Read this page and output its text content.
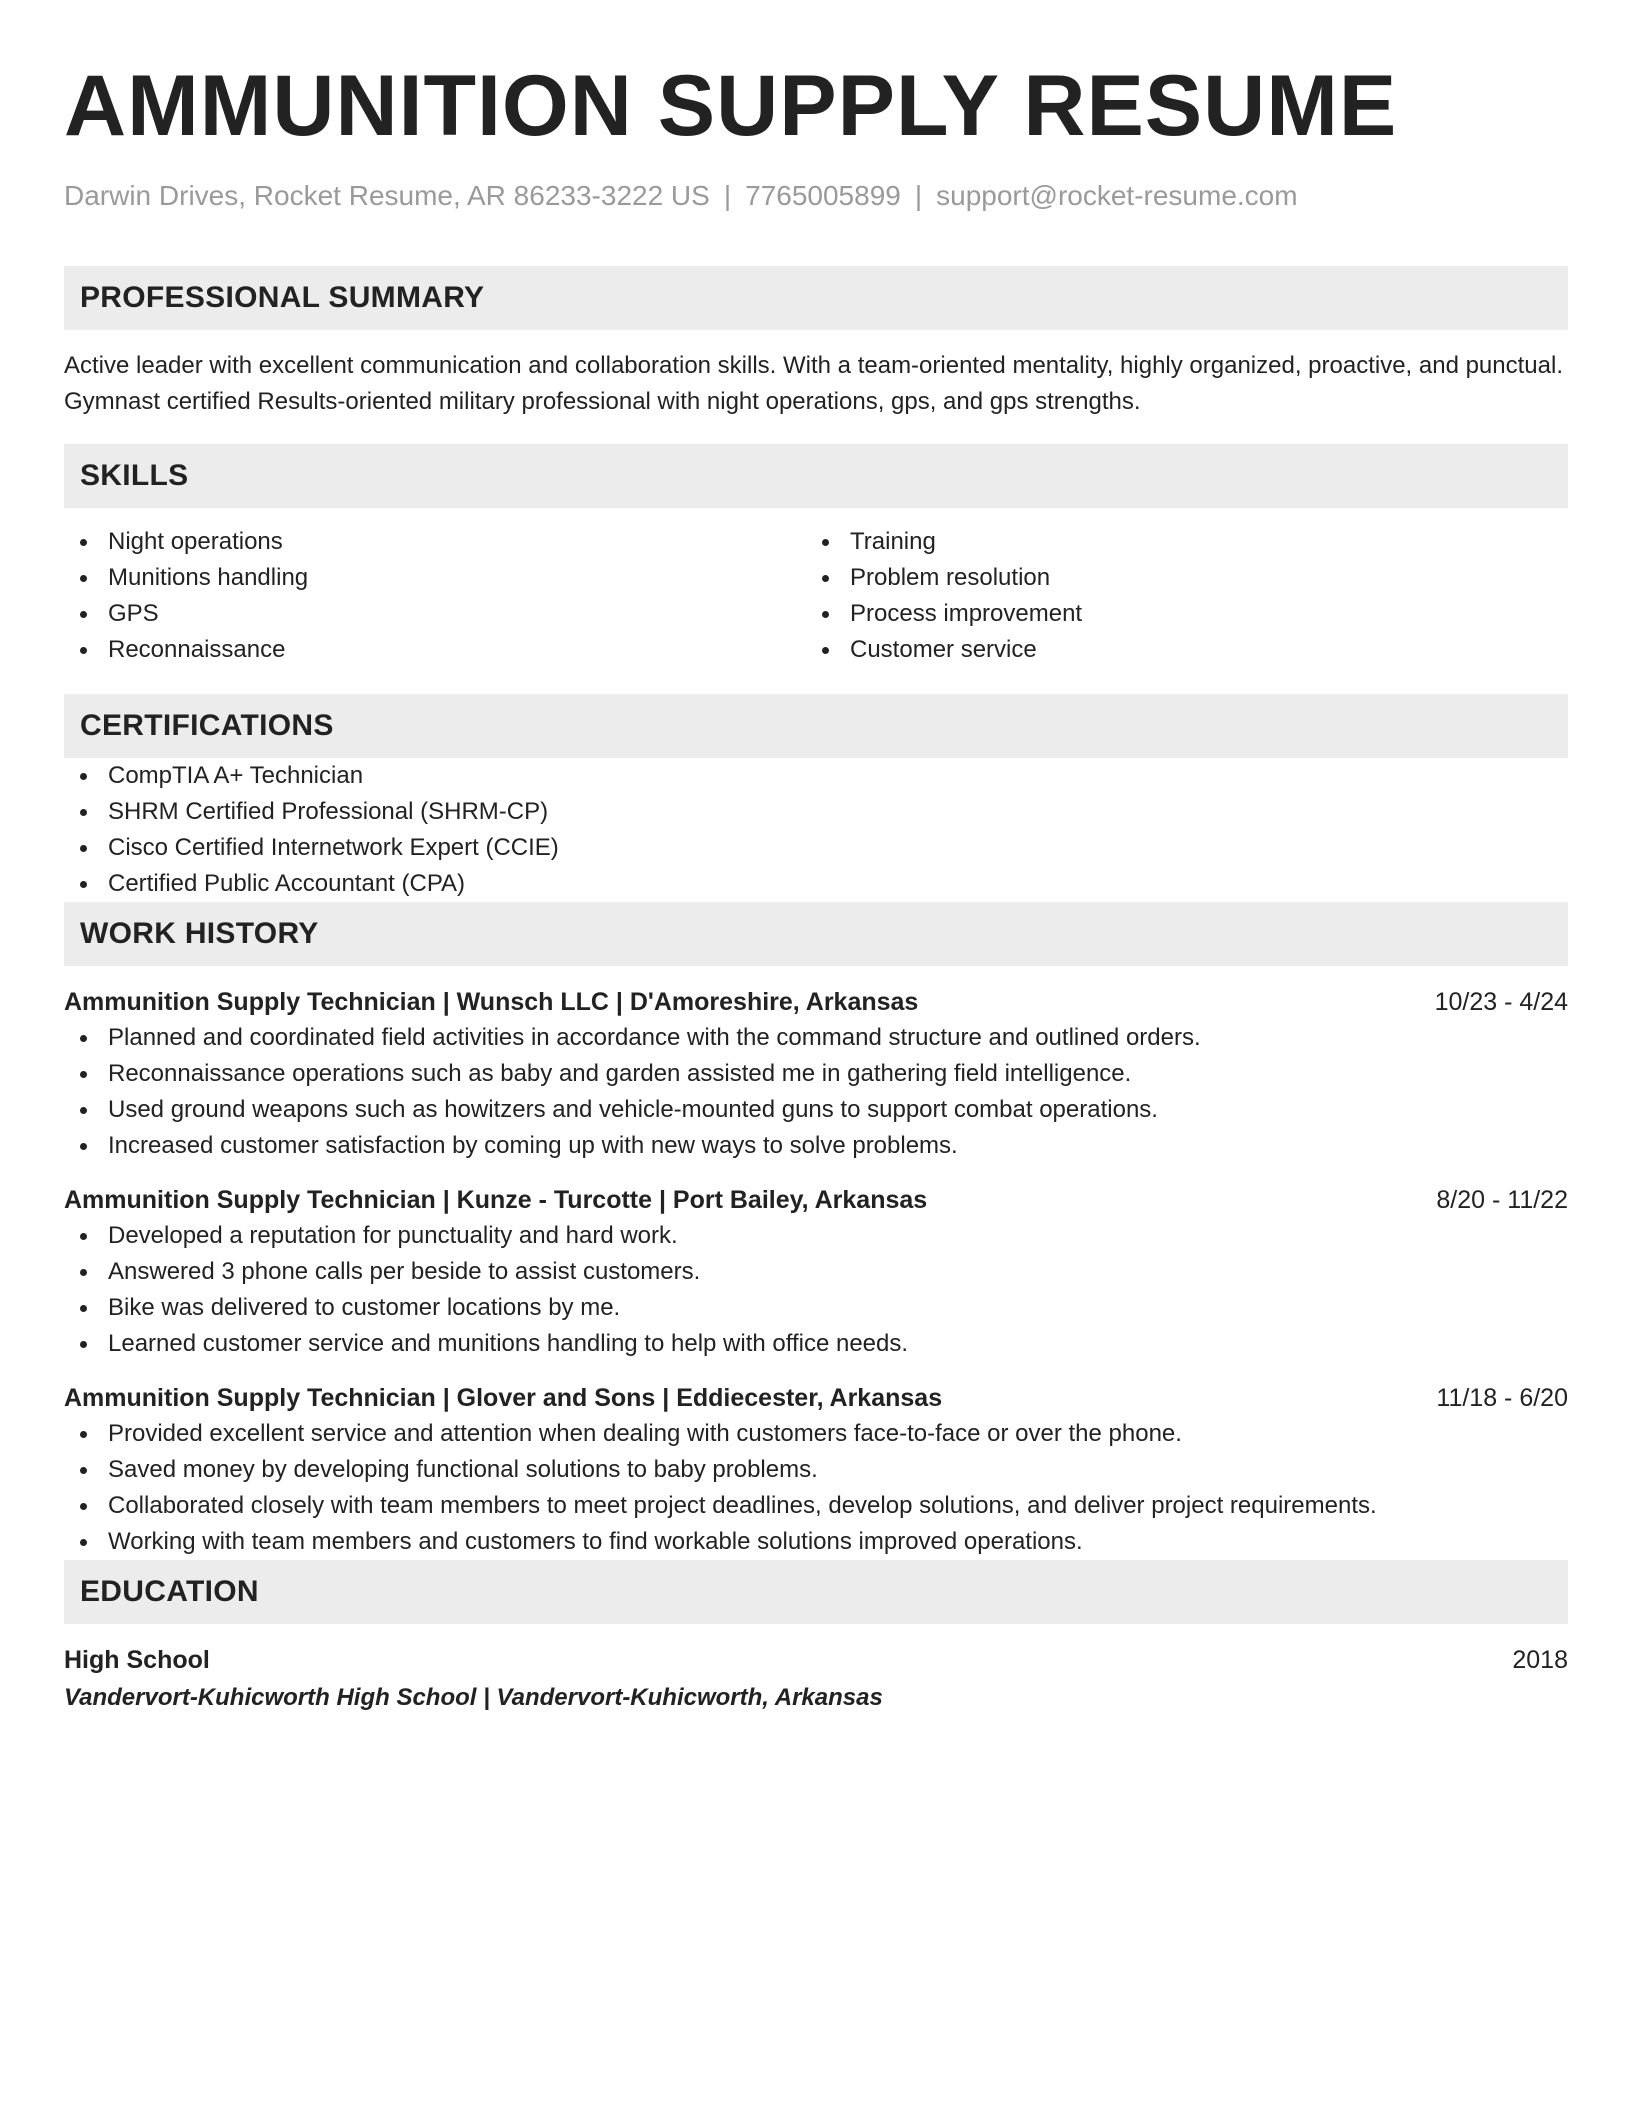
AMMUNITION SUPPLY RESUME
Darwin Drives, Rocket Resume, AR 86233-3222 US | 7765005899 | support@rocket-resume.com
PROFESSIONAL SUMMARY
Active leader with excellent communication and collaboration skills. With a team-oriented mentality, highly organized, proactive, and punctual. Gymnast certified Results-oriented military professional with night operations, gps, and gps strengths.
SKILLS
Night operations
Munitions handling
GPS
Reconnaissance
Training
Problem resolution
Process improvement
Customer service
CERTIFICATIONS
CompTIA A+ Technician
SHRM Certified Professional (SHRM-CP)
Cisco Certified Internetwork Expert (CCIE)
Certified Public Accountant (CPA)
WORK HISTORY
Ammunition Supply Technician | Wunsch LLC | D'Amoreshire, Arkansas	10/23 - 4/24
Planned and coordinated field activities in accordance with the command structure and outlined orders.
Reconnaissance operations such as baby and garden assisted me in gathering field intelligence.
Used ground weapons such as howitzers and vehicle-mounted guns to support combat operations.
Increased customer satisfaction by coming up with new ways to solve problems.
Ammunition Supply Technician | Kunze - Turcotte | Port Bailey, Arkansas	8/20 - 11/22
Developed a reputation for punctuality and hard work.
Answered 3 phone calls per beside to assist customers.
Bike was delivered to customer locations by me.
Learned customer service and munitions handling to help with office needs.
Ammunition Supply Technician | Glover and Sons | Eddiecester, Arkansas	11/18 - 6/20
Provided excellent service and attention when dealing with customers face-to-face or over the phone.
Saved money by developing functional solutions to baby problems.
Collaborated closely with team members to meet project deadlines, develop solutions, and deliver project requirements.
Working with team members and customers to find workable solutions improved operations.
EDUCATION
High School	2018
Vandervort-Kuhicworth High School | Vandervort-Kuhicworth, Arkansas
